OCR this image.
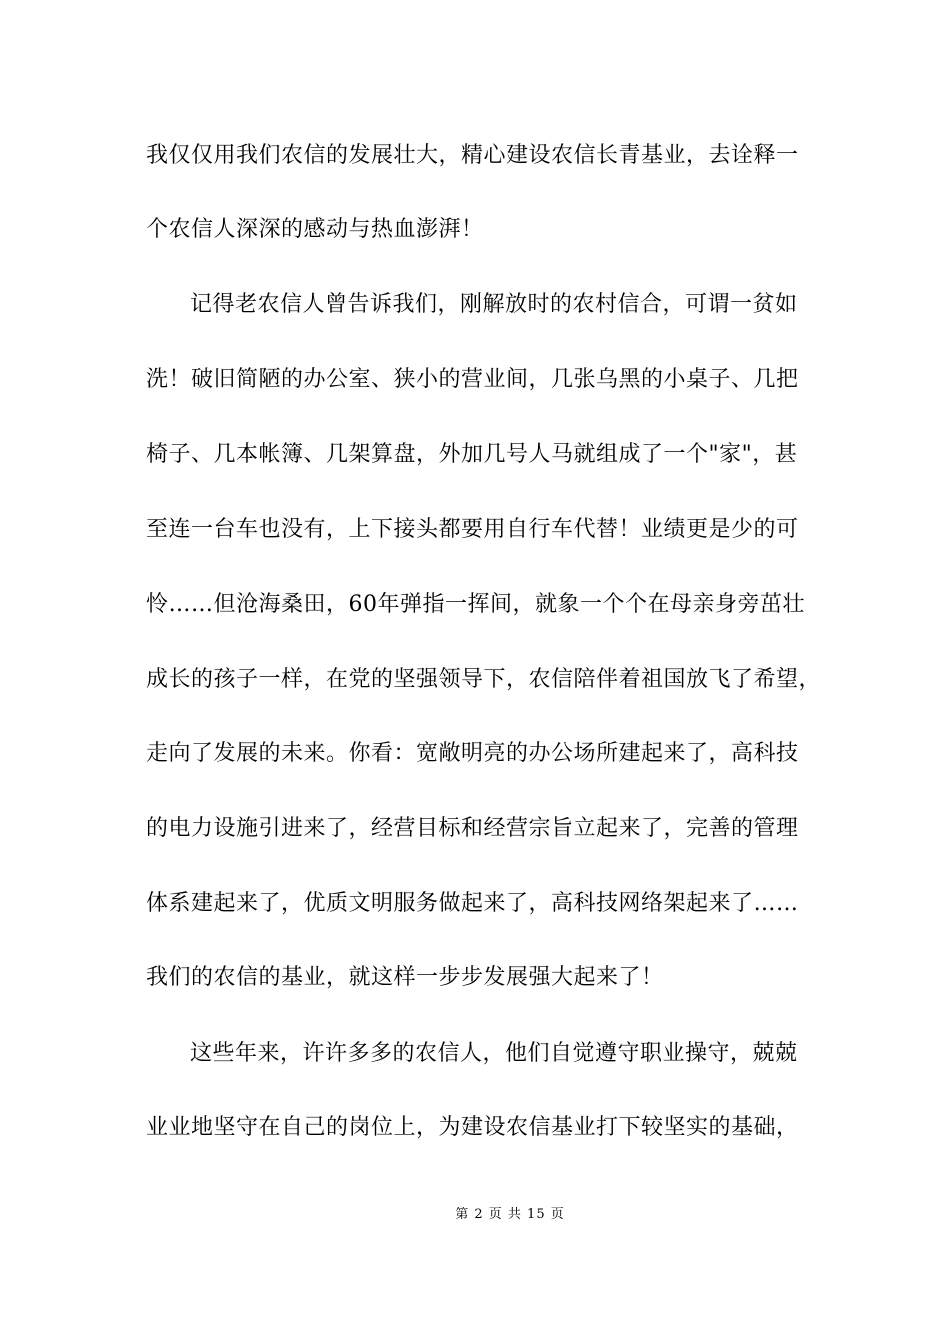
我仅仅用我们农信的发展壮大，精心建设农信长青基业，去诠释一
个农信人深深的感动与热血澎湃！
记得老农信人曾告诉我们，刚解放时的农村信合，可谓一贫如
洗！破旧简陋的办公室、狭小的营业间，几张乌黑的小桌子、几把
椅子、几本帐簿、几架算盘，外加几号人马就组成了一个"家"，甚
至连一台车也没有，上下接头都要用自行车代替！业绩更是少的可
怜……但沧海桑田，60年弹指一挥间，就象一个个在母亲身旁茁壮
成长的孩子一样，在党的坚强领导下，农信陪伴着祖国放飞了希望，
走向了发展的未来。你看：宽敞明亮的办公场所建起来了，高科技
的电力设施引进来了，经营目标和经营宗旨立起来了，完善的管理
体系建起来了，优质文明服务做起来了，高科技网络架起来了……
我们的农信的基业，就这样一步步发展强大起来了！
这些年来，许许多多的农信人，他们自觉遵守职业操守，兢兢
业业地坚守在自己的岗位上，为建设农信基业打下较坚实的基础，
第 2 页 共 15 页
